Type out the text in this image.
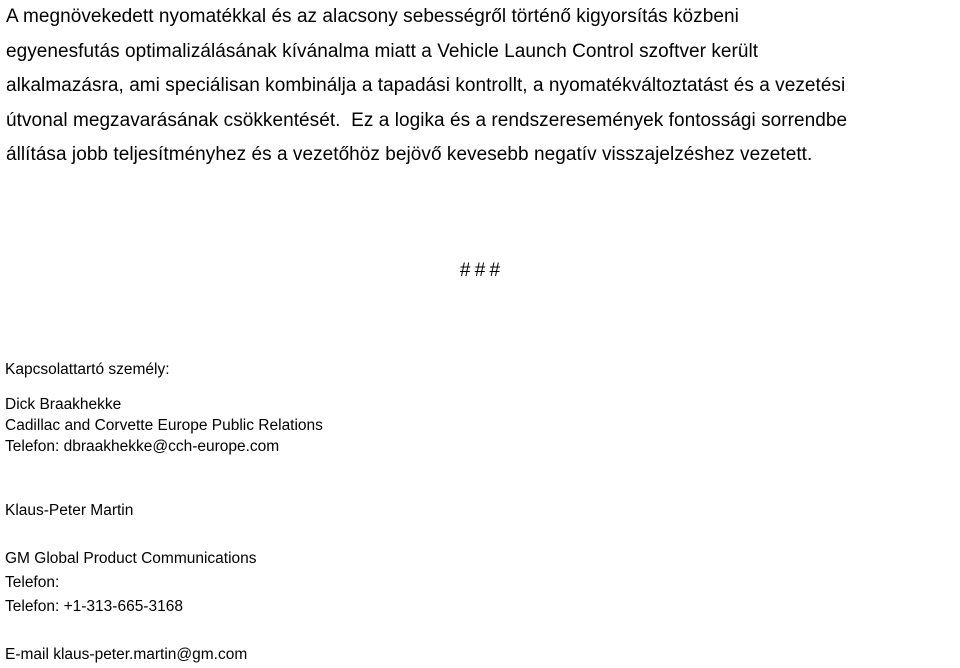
A megnövekedett nyomatékkal és az alacsony sebességről történő kigyorsítás közbeni
egyenesfutás optimalizálásának kívánalma miatt a Vehicle Launch Control szoftver került
alkalmazásra, ami speciálisan kombinálja a tapadási kontrollt, a nyomatékváltoztatást és a vezetési
útvonal megzavarásának csökkentését.  Ez a logika és a rendszeresemények fontossági sorrendbe
állítása jobb teljesítményhez és a vezetőhöz bejövő kevesebb negatív visszajelzéshez vezetett.

# # #

Kapcsolattartó személy:

Dick Braakhekke

Cadillac and Corvette Europe Public Relations

Telefon: dbraakhekke@cch-europe.com

Klaus-Peter Martin

GM Global Product Communications

Telefon:

Telefon: +1-313-665-3168

E-mail klaus-peter.martin@gm.com
